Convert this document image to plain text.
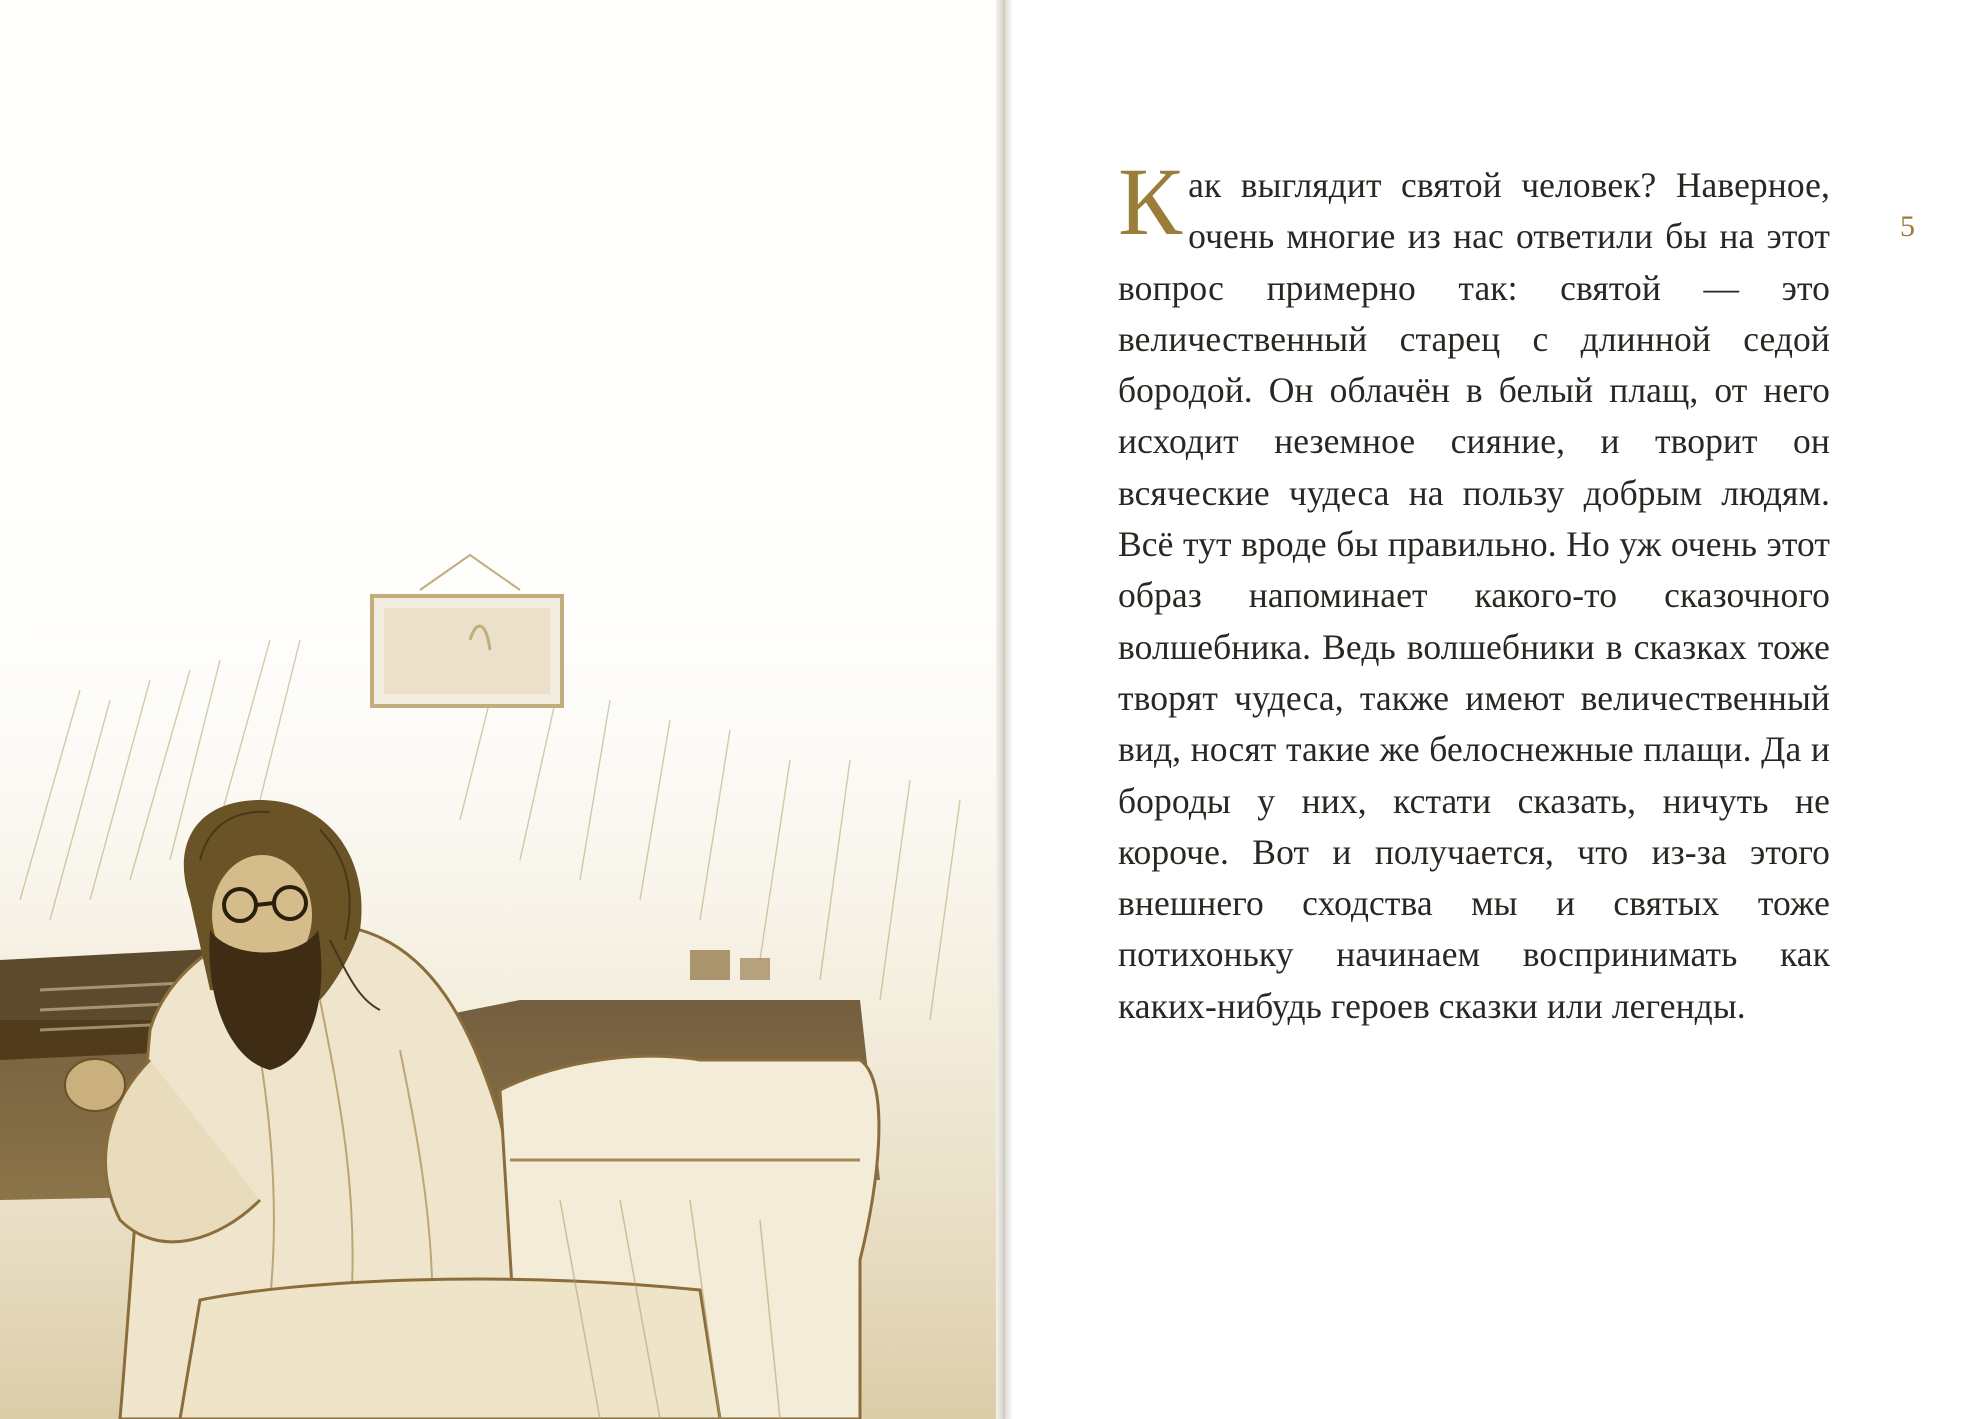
Как выглядит святой человек? Наверное, очень многие из нас ответили бы на этот вопрос примерно так: святой — это величественный старец с длинной седой бородой. Он облачён в белый плащ, от него исходит неземное сияние, и творит он всяческие чудеса на пользу добрым людям. Всё тут вроде бы правильно. Но уж очень этот образ напоминает какого-то сказочного волшебника. Ведь волшебники в сказках тоже творят чудеса, также имеют величественный вид, носят такие же белоснежные плащи. Да и бороды у них, кстати сказать, ничуть не короче. Вот и получается, что из-за этого внешнего сходства мы и святых тоже потихоньку начинаем воспринимать как каких-нибудь героев сказки или легенды.
5
